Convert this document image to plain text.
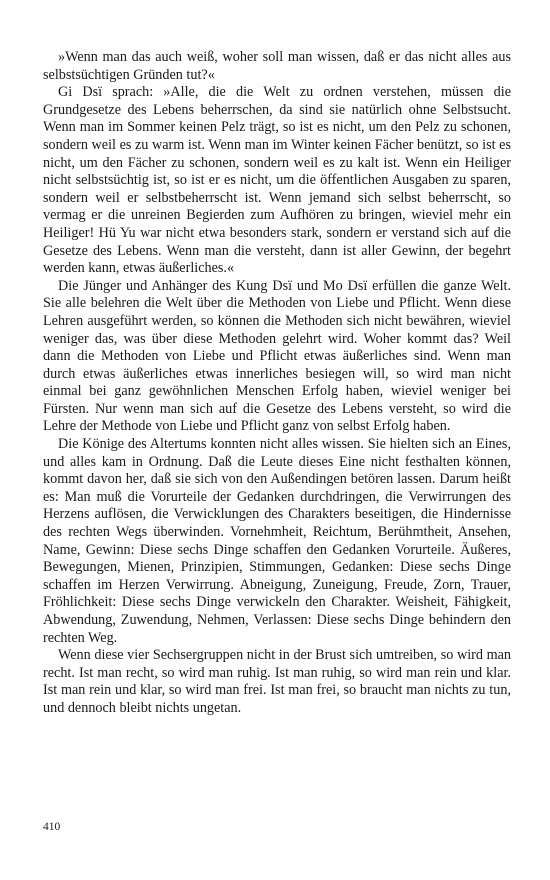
»Wenn man das auch weiß, woher soll man wissen, daß er das nicht alles aus selbstsüchtigen Gründen tut?«

Gi Dsï sprach: »Alle, die die Welt zu ordnen verstehen, müssen die Grundgesetze des Lebens beherrschen, da sind sie natürlich ohne Selbstsucht. Wenn man im Sommer keinen Pelz trägt, so ist es nicht, um den Pelz zu schonen, sondern weil es zu warm ist. Wenn man im Winter keinen Fächer benützt, so ist es nicht, um den Fächer zu schonen, sondern weil es zu kalt ist. Wenn ein Heiliger nicht selbstsüchtig ist, so ist er es nicht, um die öffentlichen Ausgaben zu sparen, sondern weil er selbstbeherrscht ist. Wenn jemand sich selbst beherrscht, so vermag er die unreinen Begierden zum Aufhören zu bringen, wieviel mehr ein Heiliger! Hü Yu war nicht etwa besonders stark, sondern er verstand sich auf die Gesetze des Lebens. Wenn man die versteht, dann ist aller Gewinn, der begehrt werden kann, etwas äußerliches.«

Die Jünger und Anhänger des Kung Dsï und Mo Dsï erfüllen die ganze Welt. Sie alle belehren die Welt über die Methoden von Liebe und Pflicht. Wenn diese Lehren ausgeführt werden, so können die Methoden sich nicht bewähren, wieviel weniger das, was über diese Methoden gelehrt wird. Woher kommt das? Weil dann die Methoden von Liebe und Pflicht etwas äußerliches sind. Wenn man durch etwas äußerliches etwas innerliches besiegen will, so wird man nicht einmal bei ganz gewöhnlichen Menschen Erfolg haben, wieviel weniger bei Fürsten. Nur wenn man sich auf die Gesetze des Lebens versteht, so wird die Lehre der Methode von Liebe und Pflicht ganz von selbst Erfolg haben.

Die Könige des Altertums konnten nicht alles wissen. Sie hielten sich an Eines, und alles kam in Ordnung. Daß die Leute dieses Eine nicht festhalten können, kommt davon her, daß sie sich von den Außendingen betören lassen. Darum heißt es: Man muß die Vorurteile der Gedanken durchdringen, die Verwirrungen des Herzens auflösen, die Verwicklungen des Charakters beseitigen, die Hindernisse des rechten Wegs überwinden. Vornehmheit, Reichtum, Berühmtheit, Ansehen, Name, Gewinn: Diese sechs Dinge schaffen den Gedanken Vorurteile. Äußeres, Bewegungen, Mienen, Prinzipien, Stimmungen, Gedanken: Diese sechs Dinge schaffen im Herzen Verwirrung. Abneigung, Zuneigung, Freude, Zorn, Trauer, Fröhlichkeit: Diese sechs Dinge verwickeln den Charakter. Weisheit, Fähigkeit, Abwendung, Zuwendung, Nehmen, Verlassen: Diese sechs Dinge behindern den rechten Weg.

Wenn diese vier Sechsergruppen nicht in der Brust sich umtreiben, so wird man recht. Ist man recht, so wird man ruhig. Ist man ruhig, so wird man rein und klar. Ist man rein und klar, so wird man frei. Ist man frei, so braucht man nichts zu tun, und dennoch bleibt nichts ungetan.

410
